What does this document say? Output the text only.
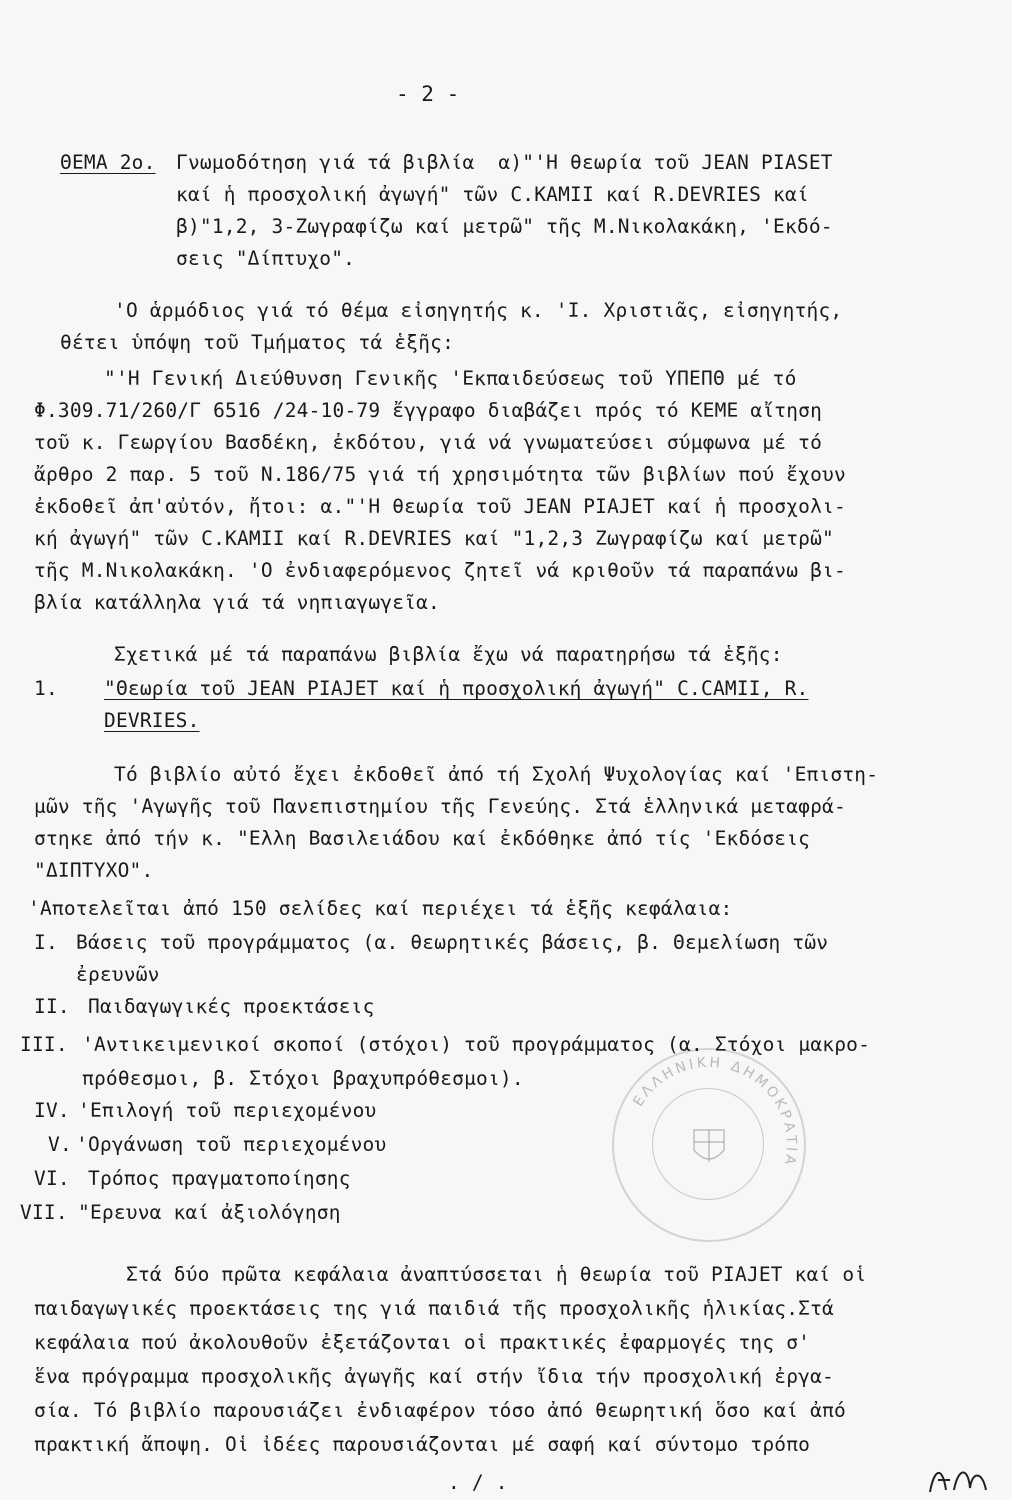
- 2 -
ΘΕΜΑ 2ο. Γνωμοδότηση γιά τά βιβλία  α)"'Η θεωρία τοῦ JEAN PIASET
καί ἡ προσχολική ἀγωγή" τῶν C.KAMII καί R.DEVRIES καί
β)"1,2, 3-Ζωγραφίζω καί μετρῶ" τῆς Μ.Νικολακάκη, 'Εκδό-
σεις "Δίπτυχο".
'Ο ἁρμόδιος γιά τό θέμα εἰσηγητής κ. 'Ι. Χριστιᾶς, εἰσηγητής,
θέτει ὑπόψη τοῦ Τμήματος τά ἑξῆς:
"'Η Γενική Διεύθυνση Γενικῆς 'Εκπαιδεύσεως τοῦ ΥΠΕΠΘ μέ τό
Φ.309.71/260/Γ 6516 /24-10-79 ἔγγραφο διαβάζει πρός τό ΚΕΜΕ αἴτηση
τοῦ κ. Γεωργίου Βασδέκη, ἐκδότου, γιά νά γνωματεύσει σύμφωνα μέ τό
ἄρθρο 2 παρ. 5 τοῦ Ν.186/75 γιά τή χρησιμότητα τῶν βιβλίων πού ἔχουν
ἐκδοθεῖ ἀπ'αὐτόν, ἤτοι: α."'Η θεωρία τοῦ JEAN PIAJET καί ἡ προσχολι-
κή ἀγωγή" τῶν C.KAMII καί R.DEVRIES καί "1,2,3 Ζωγραφίζω καί μετρῶ"
τῆς Μ.Νικολακάκη. 'Ο ἐνδιαφερόμενος ζητεῖ νά κριθοῦν τά παραπάνω βι-
βλία κατάλληλα γιά τά νηπιαγωγεῖα.
Σχετικά μέ τά παραπάνω βιβλία ἔχω νά παρατηρήσω τά ἑξῆς:
1. "Θεωρία τοῦ JEAN PIAJET καί ἡ προσχολική ἀγωγή" C.CAMII, R.
DEVRIES.
Τό βιβλίο αὐτό ἔχει ἐκδοθεῖ ἀπό τή Σχολή Ψυχολογίας καί 'Επιστη-
μῶν τῆς 'Αγωγῆς τοῦ Πανεπιστημίου τῆς Γενεύης. Στά ἑλληνικά μεταφρά-
στηκε ἀπό τήν κ. "Ελλη Βασιλειάδου καί ἐκδόθηκε ἀπό τίς 'Εκδόσεις
"ΔΙΠΤΥΧΟ".
'Αποτελεῖται ἀπό 150 σελίδες καί περιέχει τά ἑξῆς κεφάλαια:
I. Βάσεις τοῦ προγράμματος (α. θεωρητικές βάσεις, β. Θεμελίωση τῶν
ἐρευνῶν
II. Παιδαγωγικές προεκτάσεις
III. 'Αντικειμενικοί σκοποί (στόχοι) τοῦ προγράμματος (α. Στόχοι μακρο-
πρόθεσμοι, β. Στόχοι βραχυπρόθεσμοι).
IV. 'Επιλογή τοῦ περιεχομένου
V. 'Οργάνωση τοῦ περιεχομένου
VI. Τρόπος πραγματοποίησης
VII. "Ερευνα καί ἀξιολόγηση
Στά δύο πρῶτα κεφάλαια ἀναπτύσσεται ἡ θεωρία τοῦ PIAJET καί οἱ
παιδαγωγικές προεκτάσεις της γιά παιδιά τῆς προσχολικῆς ἡλικίας.Στά
κεφάλαια πού ἀκολουθοῦν ἐξετάζονται οἱ πρακτικές ἐφαρμογές της σ'
ἕνα πρόγραμμα προσχολικῆς ἀγωγῆς καί στήν ἴδια τήν προσχολική ἐργα-
σία. Τό βιβλίο παρουσιάζει ἐνδιαφέρον τόσο ἀπό θεωρητική ὅσο καί ἀπό
πρακτική ἄποψη. Οἱ ἰδέες παρουσιάζονται μέ σαφή καί σύντομο τρόπο
. / .
ΕΛΛΗΝΙΚΗ ΔΗΜΟΚΡΑΤΙΑ
